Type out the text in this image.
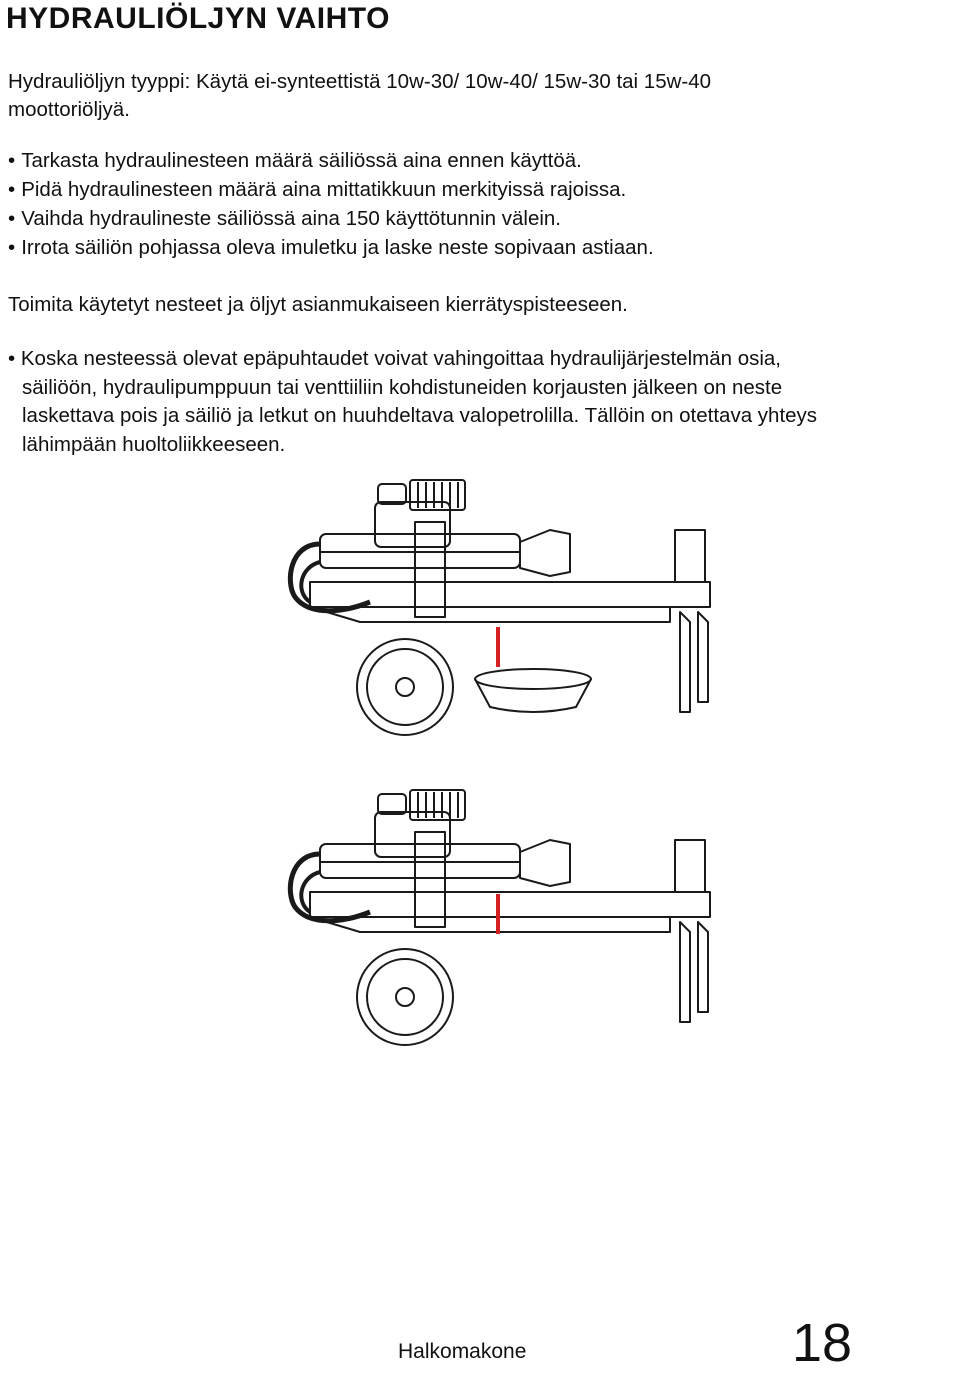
HYDRAULIÖLJYN VAIHTO
Hydrauliöljyn tyyppi: Käytä ei-synteettistä 10w-30/ 10w-40/ 15w-30 tai 15w-40
moottoriöljyä.
• Tarkasta hydraulinesteen määrä säiliössä aina ennen käyttöä.
• Pidä hydraulinesteen määrä aina mittatikkuun merkityissä rajoissa.
• Vaihda hydraulineste säiliössä aina 150 käyttötunnin välein.
• Irrota säiliön pohjassa oleva imuletku ja laske neste sopivaan astiaan.
Toimita käytetyt nesteet ja öljyt asianmukaiseen kierrätyspisteeseen.
• Koska nesteessä olevat epäpuhtaudet voivat vahingoittaa hydraulijärjestelmän osia,
säiliöön, hydraulipumppuun tai venttiiliin kohdistuneiden korjausten jälkeen on neste
laskettava pois ja säiliö ja letkut on huuhdeltava valopetrolilla. Tällöin on otettava yhteys
lähimpään huoltoliikkeeseen.
Halkomakone	18
